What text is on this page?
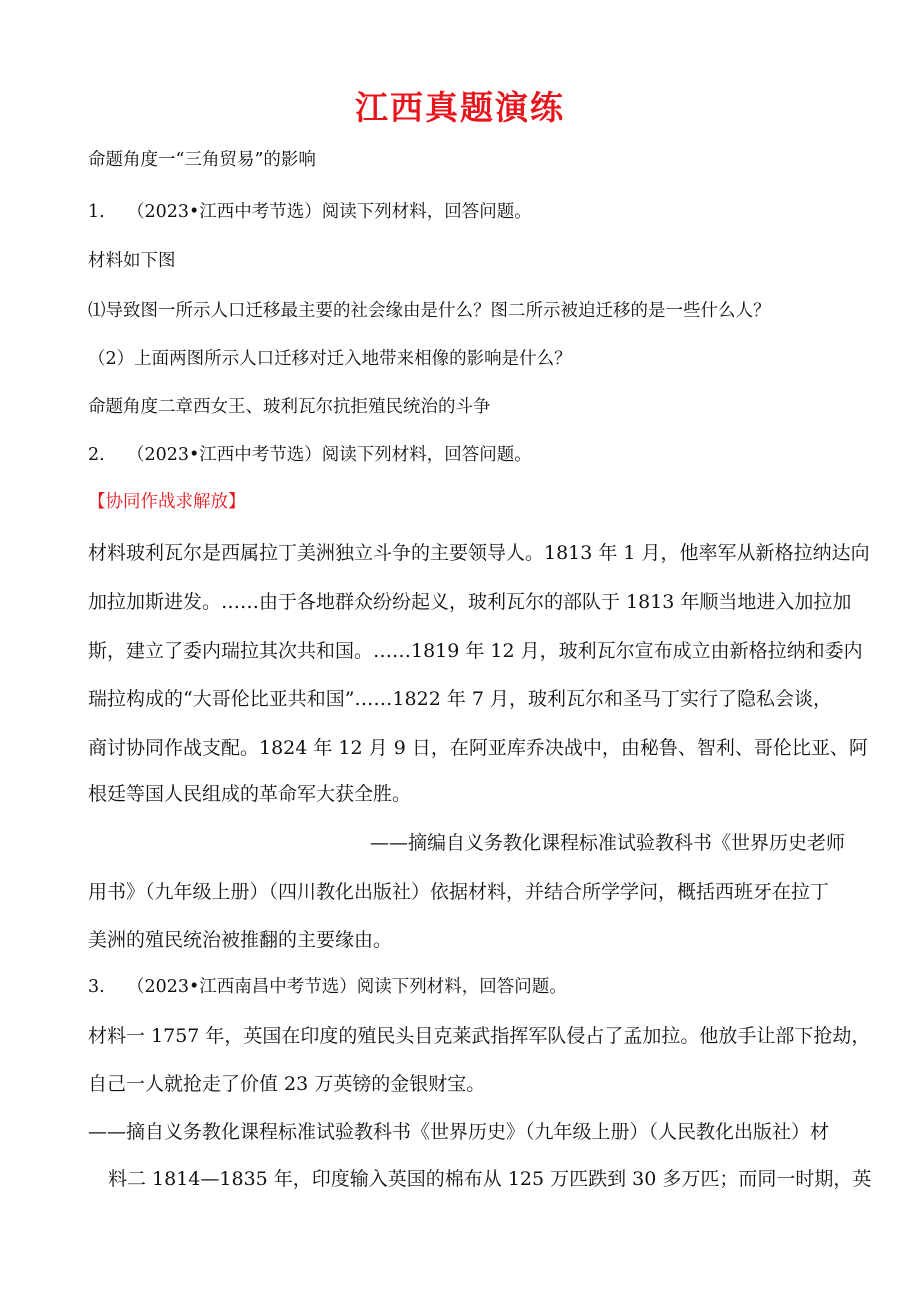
江西真题演练
命题角度一“三角贸易”的影响
1.    （2023•江西中考节选）阅读下列材料，回答问题。
材料如下图
⑴导致图一所示人口迁移最主要的社会缘由是什么？图二所示被迫迁移的是一些什么人？
（2）上面两图所示人口迁移对迁入地带来相像的影响是什么？
命题角度二章西女王、玻利瓦尔抗拒殖民统治的斗争
2.    （2023•江西中考节选）阅读下列材料，回答问题。
【协同作战求解放】
材料玻利瓦尔是西属拉丁美洲独立斗争的主要领导人。1813 年 1 月，他率军从新格拉纳达向
加拉加斯进发。……由于各地群众纷纷起义，玻利瓦尔的部队于 1813 年顺当地进入加拉加
斯，建立了委内瑞拉其次共和国。……1819 年 12 月，玻利瓦尔宣布成立由新格拉纳和委内
瑞拉构成的“大哥伦比亚共和国”……1822 年 7 月，玻利瓦尔和圣马丁实行了隐私会谈，
商讨协同作战支配。1824 年 12 月 9 日，在阿亚库乔决战中，由秘鲁、智利、哥伦比亚、阿
根廷等国人民组成的革命军大获全胜。
——摘编自义务教化课程标准试验教科书《世界历史老师
用书》（九年级上册）（四川教化出版社）依据材料，并结合所学学问，概括西班牙在拉丁
美洲的殖民统治被推翻的主要缘由。
3.    （2023•江西南昌中考节选）阅读下列材料，回答问题。
材料一 1757 年，英国在印度的殖民头目克莱武指挥军队侵占了孟加拉。他放手让部下抢劫，
自己一人就抢走了价值 23 万英镑的金银财宝。
——摘自义务教化课程标准试验教科书《世界历史》（九年级上册）（人民教化出版社）材
料二 1814—1835 年，印度输入英国的棉布从 125 万匹跌到 30 多万匹；而同一时期，英
